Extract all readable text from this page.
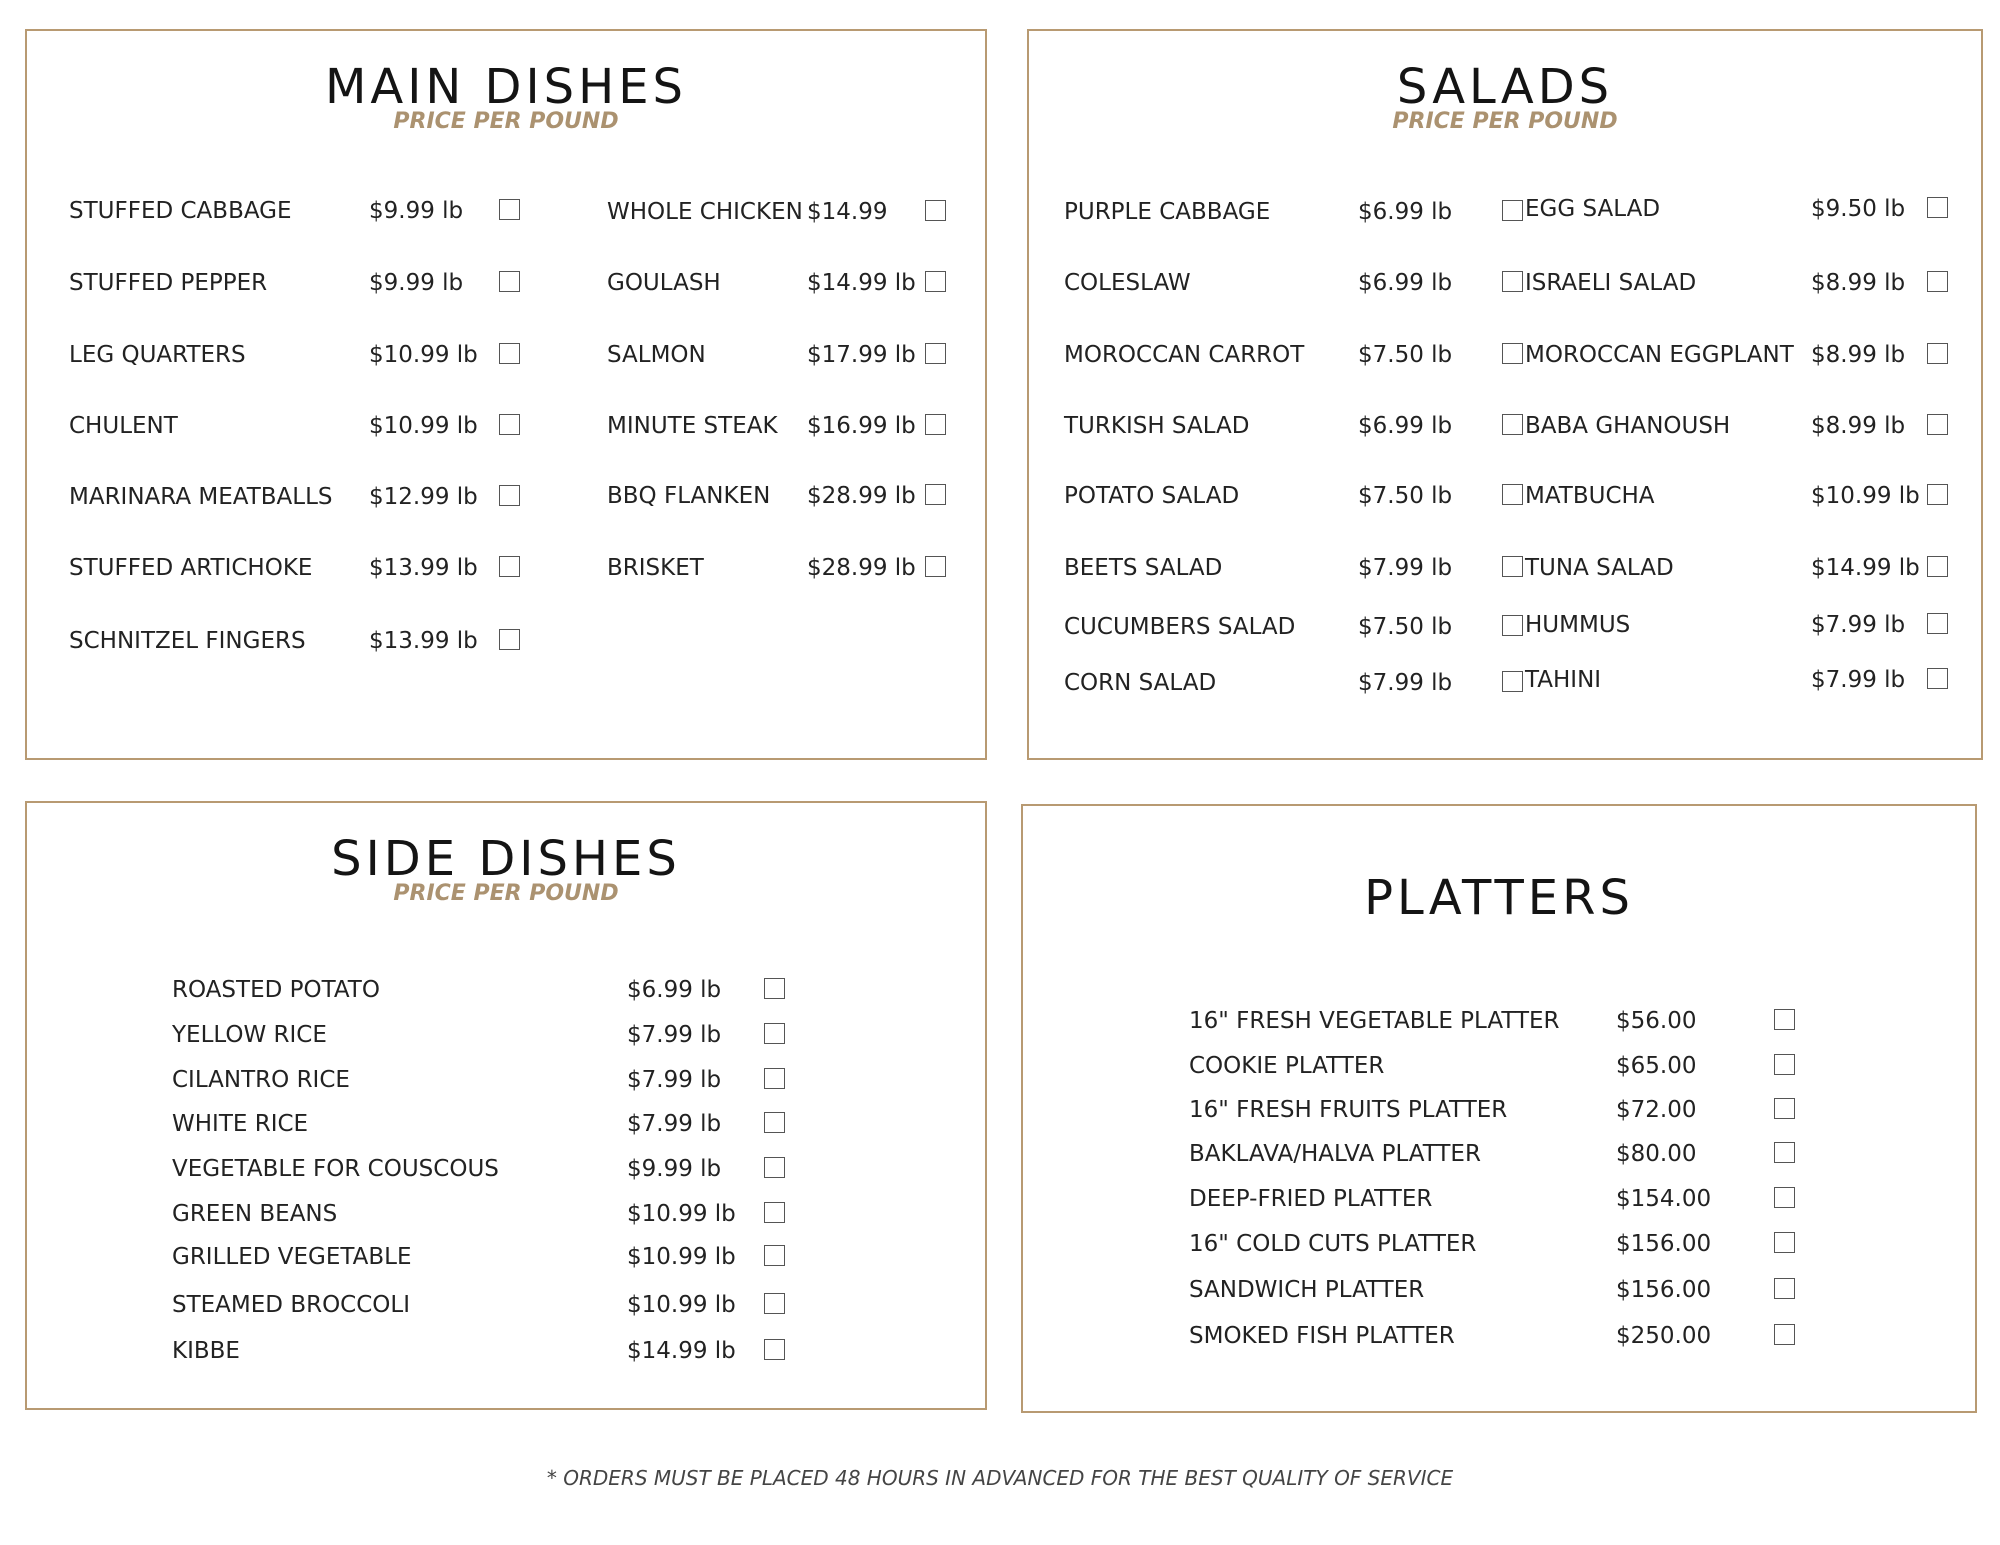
MAIN DISHES

PRICE PER POUND

STUFFED CABBAGE	$9.99 lb
STUFFED PEPPER	$9.99 lb
LEG QUARTERS	$10.99 lb
CHULENT	$10.99 lb
MARINARA MEATBALLS $12.99 lb
STUFFED ARTICHOKE $13.99 lb
SCHNITZEL FINGERS	$13.99 lb
WHOLE CHICKEN $14.99
GOULASH	$14.99 lb
SALMON	$17.99 lb
MINUTE STEAK $16.99 lb
BBQ FLANKEN $28.99 lb
BRISKET	$28.99 lb
SALADS

PRICE PER POUND

PURPLE CABBAGE	$6.99 lb
COLESLAW	$6.99 lb
MOROCCAN CARROT $7.50 lb
TURKISH SALAD	$6.99 lb
POTATO SALAD	$7.50 lb
BEETS SALAD	$7.99 lb
CUCUMBERS SALAD	$7.50 lb
CORN SALAD	$7.99 lb
EGG SALAD	$9.50 lb
ISRAELI SALAD	$8.99 lb
MOROCCAN EGGPLANT $8.99 lb
BABA GHANOUSH	$8.99 lb
MATBUCHA	$10.99 lb
TUNA SALAD	$14.99 lb
HUMMUS	$7.99 lb
TAHINI	$7.99 lb
SIDE DISHES

PRICE PER POUND

ROASTED POTATO	$6.99 lb
YELLOW RICE	$7.99 lb
CILANTRO RICE	$7.99 lb
WHITE RICE	$7.99 lb
VEGETABLE FOR COUSCOUS	$9.99 lb
GREEN BEANS	$10.99 lb
GRILLED VEGETABLE	$10.99 lb
STEAMED BROCCOLI	$10.99 lb
KIBBE	$14.99 lb
PLATTERS
16" FRESH VEGETABLE PLATTER $56.00
COOKIE PLATTER	$65.00
16" FRESH FRUITS PLATTER	$72.00
BAKLAVA/HALVA PLATTER	$80.00
DEEP-FRIED PLATTER	$154.00
16" COLD CUTS PLATTER	$156.00
SANDWICH PLATTER	$156.00
SMOKED FISH PLATTER	$250.00

* ORDERS MUST BE PLACED 48 HOURS IN ADVANCED FOR THE BEST QUALITY OF SERVICE
